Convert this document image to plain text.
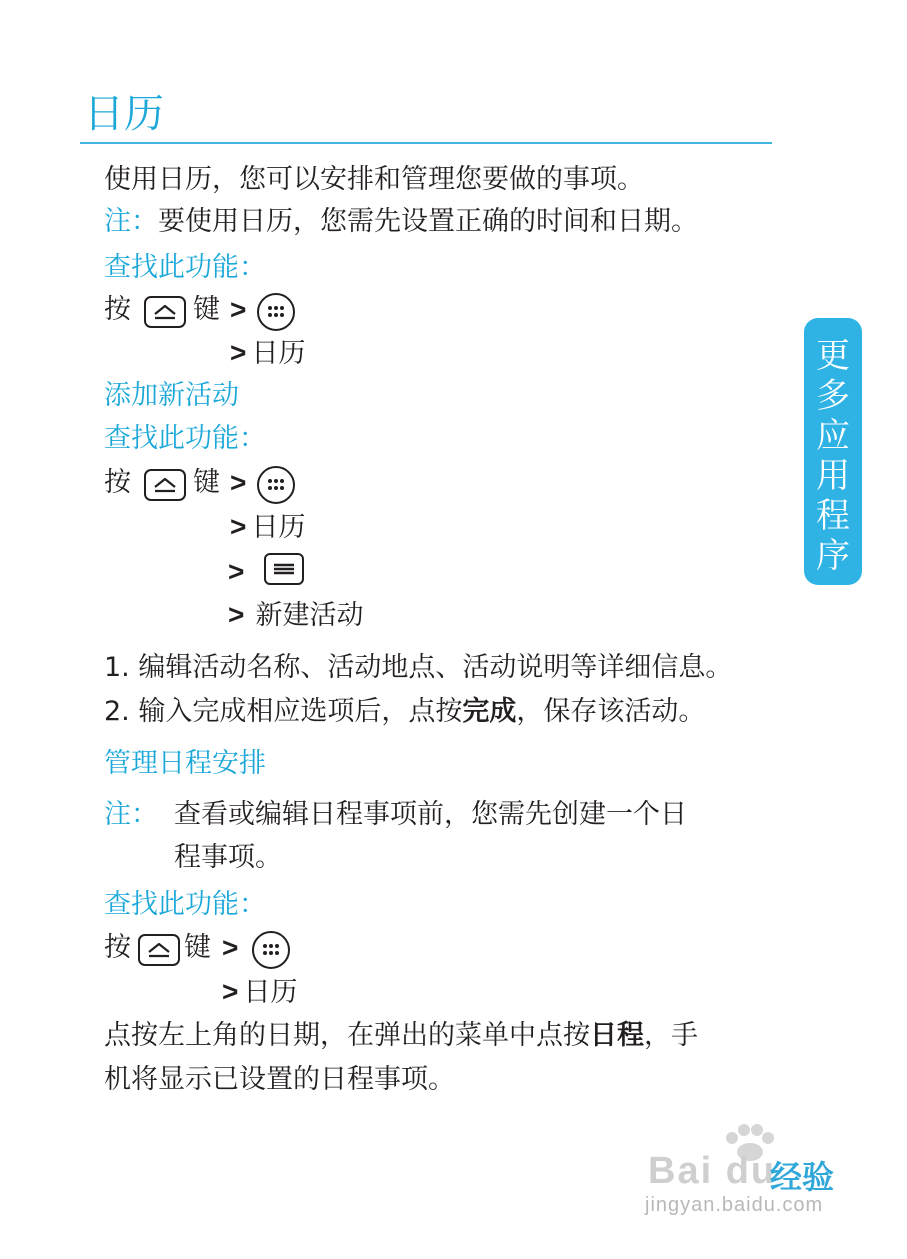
日历
使用日历，您可以安排和管理您要做的事项。
注：要使用日历，您需先设置正确的时间和日期。
查找此功能：
按 键 >
> 日历
添加新活动
查找此功能：
按 键 >
> 日历
>
> 新建活动
1. 编辑活动名称、活动地点、活动说明等详细信息。
2. 输入完成相应选项后，点按完成，保存该活动。
管理日程安排
注： 查看或编辑日程事项前，您需先创建一个日
程事项。
查找此功能：
按 键 >
> 日历
点按左上角的日期，在弹出的菜单中点按日程，手
机将显示已设置的日程事项。
更
多
应
用
程
序
Bai du
经验
jingyan.baidu.com
